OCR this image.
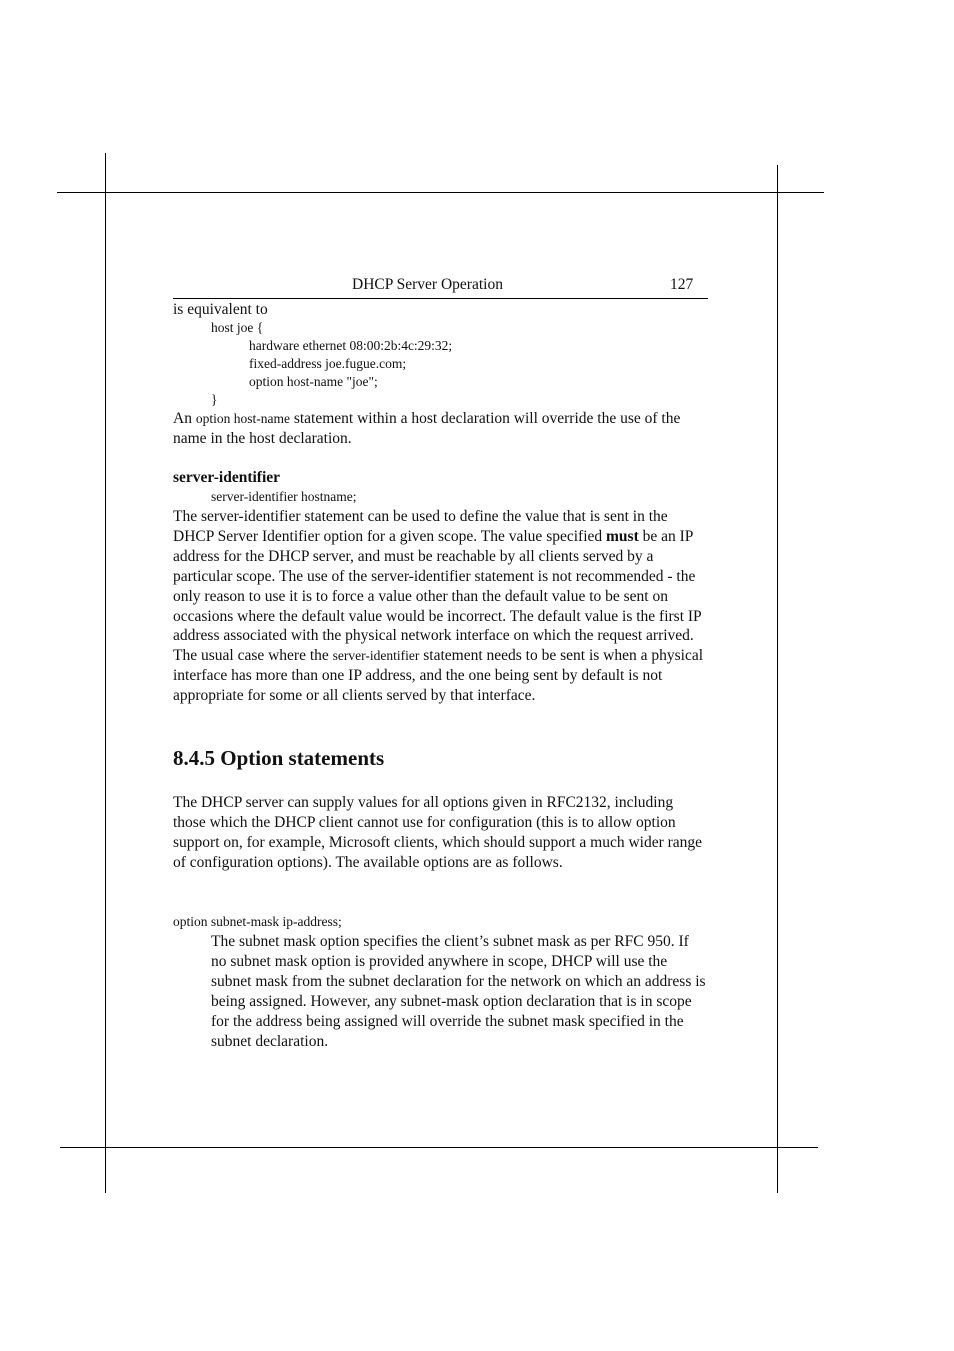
DHCP Server Operation	127
is equivalent to
host joe {
hardware ethernet 08:00:2b:4c:29:32;
fixed-address joe.fugue.com;
option host-name "joe";
}
An option host-name statement within a host declaration will override the use of the name in the host declaration.
server-identifier
server-identifier hostname;
The server-identifier statement can be used to define the value that is sent in the DHCP Server Identifier option for a given scope. The value specified must be an IP address for the DHCP server, and must be reachable by all clients served by a particular scope. The use of the server-identifier statement is not recommended - the only reason to use it is to force a value other than the default value to be sent on occasions where the default value would be incorrect. The default value is the first IP address associated with the physical network interface on which the request arrived. The usual case where the server-identifier statement needs to be sent is when a physical interface has more than one IP address, and the one being sent by default is not appropriate for some or all clients served by that interface.
8.4.5 Option statements
The DHCP server can supply values for all options given in RFC2132, including those which the DHCP client cannot use for configuration (this is to allow option support on, for example, Microsoft clients, which should support a much wider range of configuration options). The available options are as follows.
option subnet-mask ip-address;
The subnet mask option specifies the client’s subnet mask as per RFC 950. If no subnet mask option is provided anywhere in scope, DHCP will use the subnet mask from the subnet declaration for the network on which an address is being assigned. However, any subnet-mask option declaration that is in scope for the address being assigned will override the subnet mask specified in the subnet declaration.
